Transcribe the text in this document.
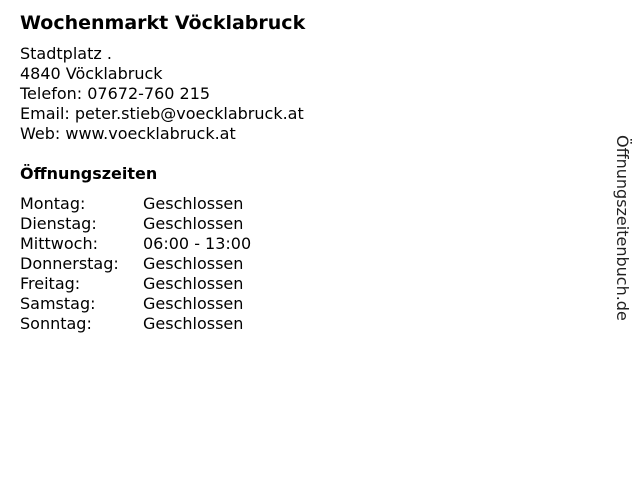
Wochenmarkt Vöcklabruck
Stadtplatz .
4840 Vöcklabruck
Telefon: 07672-760 215
Email: peter.stieb@voecklabruck.at
Web: www.voecklabruck.at
Öffnungszeiten
Montag:	Geschlossen
Dienstag:	Geschlossen
Mittwoch:	06:00 - 13:00
Donnerstag:	Geschlossen
Freitag:	Geschlossen
Samstag:	Geschlossen
Sonntag:	Geschlossen
Öffnungszeitenbuch.de
